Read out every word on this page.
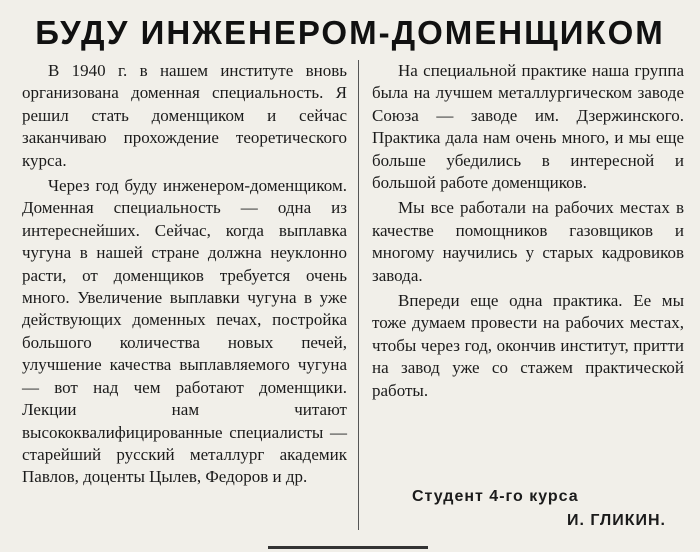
БУДУ ИНЖЕНЕРОМ-ДОМЕНЩИКОМ

В 1940 г. в нашем институте вновь организована доменная специальность. Я решил стать доменщиком и сейчас заканчиваю прохождение теоретического курса.

Через год буду инженером-доменщиком. Доменная специальность — одна из интереснейших. Сейчас, когда выплавка чугуна в нашей стране должна неуклонно расти, от доменщиков требуется очень много. Увеличение выплавки чугуна в уже действующих доменных печах, постройка большого количества новых печей, улучшение качества выплавляемого чугуна — вот над чем работают доменщики. Лекции нам читают высококвалифицированные специалисты — старейший русский металлург академик Павлов, доценты Цылев, Федоров и др.

На специальной практике наша группа была на лучшем металлургическом заводе Союза — заводе им. Дзержинского. Практика дала нам очень много, и мы еще больше убедились в интересной и большой работе доменщиков.

Мы все работали на рабочих местах в качестве помощников газовщиков и многому научились у старых кадровиков завода.

Впереди еще одна практика. Ее мы тоже думаем провести на рабочих местах, чтобы через год, окончив институт, притти на завод уже со стажем практической работы.

Студент 4-го курса
И. ГЛИКИН.
